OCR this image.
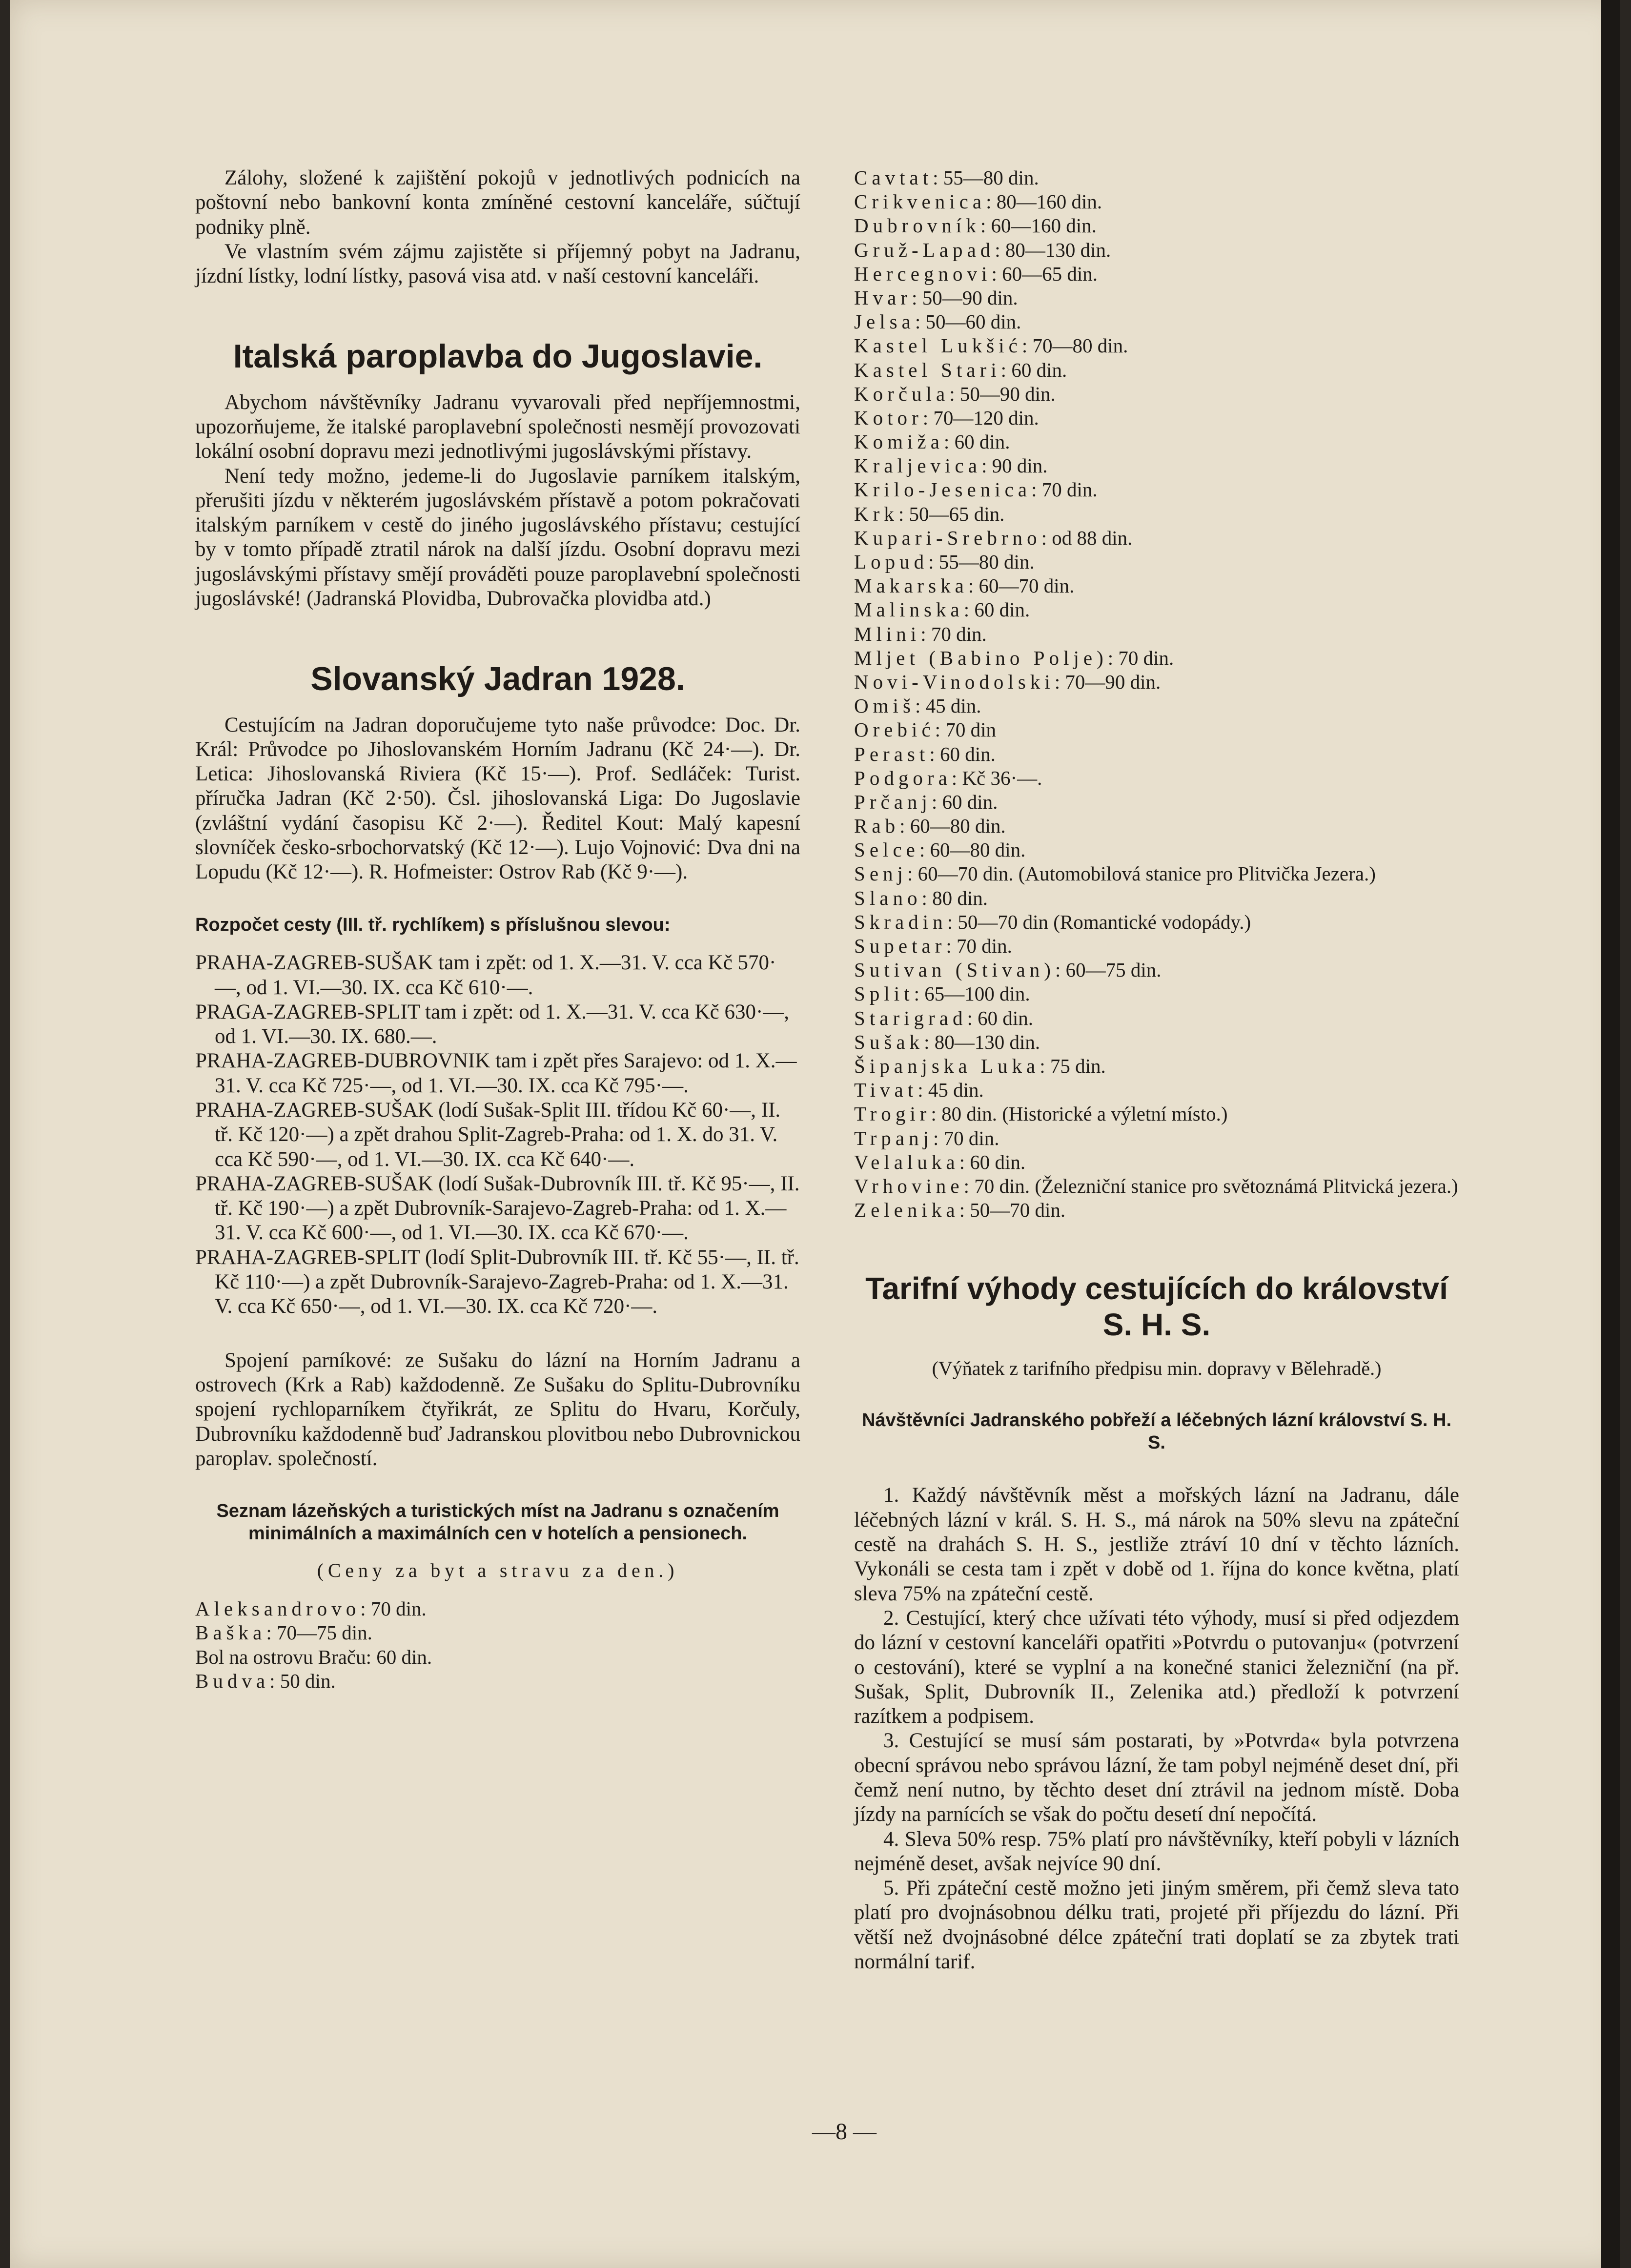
Zálohy, složené k zajištění pokojů v jednotlivých podnicích na poštovní nebo bankovní konta zmíněné cestovní kanceláře, súčtují podniky plně.

Ve vlastním svém zájmu zajistěte si příjemný pobyt na Jadranu, jízdní lístky, lodní lístky, pasová visa atd. v naší cestovní kanceláři.

Italská paroplavba do Jugoslavie.

Abychom návštěvníky Jadranu vyvarovali před nepříjemnostmi, upozorňujeme, že italské paroplavební společnosti nesmějí provozovati lokální osobní dopravu mezi jednotlivými jugoslávskými přístavy.

Není tedy možno, jedeme-li do Jugoslavie parníkem italským, přerušiti jízdu v některém jugoslávském přístavě a potom pokračovati italským parníkem v cestě do jiného jugoslávského přístavu; cestující by v tomto případě ztratil nárok na další jízdu. Osobní dopravu mezi jugoslávskými přístavy smějí prováděti pouze paroplavební společnosti jugoslávské! (Jadranská Plovidba, Dubrovačka plovidba atd.)

Slovanský Jadran 1928.

Cestujícím na Jadran doporučujeme tyto naše průvodce: Doc. Dr. Král: Průvodce po Jihoslovanském Horním Jadranu (Kč 24·—). Dr. Letica: Jihoslovanská Riviera (Kč 15·—). Prof. Sedláček: Turist. příručka Jadran (Kč 2·50). Čsl. jihoslovanská Liga: Do Jugoslavie (zvláštní vydání časopisu Kč 2·—). Ředitel Kout: Malý kapesní slovníček česko-srbochorvatský (Kč 12·—). Lujo Vojnović: Dva dni na Lopudu (Kč 12·—). R. Hofmeister: Ostrov Rab (Kč 9·—).

Rozpočet cesty (III. tř. rychlíkem) s příslušnou slevou:

PRAHA-ZAGREB-SUŠAK tam i zpět: od 1. X.—31. V. cca Kč 570·—, od 1. VI.—30. IX. cca Kč 610·—.

PRAGA-ZAGREB-SPLIT tam i zpět: od 1. X.—31. V. cca Kč 630·—, od 1. VI.—30. IX. 680.—.

PRAHA-ZAGREB-DUBROVNIK tam i zpět přes Sarajevo: od 1. X.—31. V. cca Kč 725·—, od 1. VI.—30. IX. cca Kč 795·—.

PRAHA-ZAGREB-SUŠAK (lodí Sušak-Split III. třídou Kč 60·—, II. tř. Kč 120·—) a zpět drahou Split-Zagreb-Praha: od 1. X. do 31. V. cca Kč 590·—, od 1. VI.—30. IX. cca Kč 640·—.

PRAHA-ZAGREB-SUŠAK (lodí Sušak-Dubrovník III. tř. Kč 95·—, II. tř. Kč 190·—) a zpět Dubrovník-Sarajevo-Zagreb-Praha: od 1. X.—31. V. cca Kč 600·—, od 1. VI.—30. IX. cca Kč 670·—.

PRAHA-ZAGREB-SPLIT (lodí Split-Dubrovník III. tř. Kč 55·—, II. tř. Kč 110·—) a zpět Dubrovník-Sarajevo-Zagreb-Praha: od 1. X.—31. V. cca Kč 650·—, od 1. VI.—30. IX. cca Kč 720·—.

Spojení parníkové: ze Sušaku do lázní na Horním Jadranu a ostrovech (Krk a Rab) každodenně. Ze Sušaku do Splitu-Dubrovníku spojení rychloparníkem čtyřikrát, ze Splitu do Hvaru, Korčuly, Dubrovníku každodenně buď Jadranskou plovitbou nebo Dubrovnickou paroplav. společností.

Seznam lázeňských a turistických míst na Jadranu s označením minimálních a maximálních cen v hotelích a pensionech.

(Ceny za byt a stravu za den.)

Aleksandrovo: 70 din.

Baška: 70—75 din.

Bol na ostrovu Braču: 60 din.

Budva: 50 din.

Cavtat: 55—80 din.

Crikvenica: 80—160 din.

Dubrovník: 60—160 din.

Gruž-Lapad: 80—130 din.

Hercegnovi: 60—65 din.

Hvar: 50—90 din.

Jelsa: 50—60 din.

Kastel Lukšić: 70—80 din.

Kastel Stari: 60 din.

Korčula: 50—90 din.

Kotor: 70—120 din.

Komiža: 60 din.

Kraljevica: 90 din.

Krilo-Jesenica: 70 din.

Krk: 50—65 din.

Kupari-Srebrno: od 88 din.

Lopud: 55—80 din.

Makarska: 60—70 din.

Malinska: 60 din.

Mlini: 70 din.

Mljet (Babino Polje): 70 din.

Novi-Vinodolski: 70—90 din.

Omiš: 45 din.

Orebić: 70 din

Perast: 60 din.

Podgora: Kč 36·—.

Prčanj: 60 din.

Rab: 60—80 din.

Selce: 60—80 din.

Senj: 60—70 din. (Automobilová stanice pro Plitvička Jezera.)

Slano: 80 din.

Skradin: 50—70 din (Romantické vodopády.)

Supetar: 70 din.

Sutivan (Stivan): 60—75 din.

Split: 65—100 din.

Starigrad: 60 din.

Sušak: 80—130 din.

Šipanjska Luka: 75 din.

Tivat: 45 din.

Trogir: 80 din. (Historické a výletní místo.)

Trpanj: 70 din.

Velaluka: 60 din.

Vrhovine: 70 din. (Železniční stanice pro světoznámá Plitvická jezera.)

Zelenika: 50—70 din.

Tarifní výhody cestujících do království S. H. S.

(Výňatek z tarifního předpisu min. dopravy v Bělehradě.)

Návštěvníci Jadranského pobřeží a léčebných lázní království S. H. S.

1. Každý návštěvník měst a mořských lázní na Jadranu, dále léčebných lázní v král. S. H. S., má nárok na 50% slevu na zpáteční cestě na drahách S. H. S., jestliže ztráví 10 dní v těchto lázních. Vykonáli se cesta tam i zpět v době od 1. října do konce května, platí sleva 75% na zpáteční cestě.

2. Cestující, který chce užívati této výhody, musí si před odjezdem do lázní v cestovní kanceláři opatřiti »Potvrdu o putovanju« (potvrzení o cestování), které se vyplní a na konečné stanici železniční (na př. Sušak, Split, Dubrovník II., Zelenika atd.) předloží k potvrzení razítkem a podpisem.

3. Cestující se musí sám postarati, by »Potvrda« byla potvrzena obecní správou nebo správou lázní, že tam pobyl nejméně deset dní, při čemž není nutno, by těchto deset dní ztrávil na jednom místě. Doba jízdy na parnících se však do počtu desetí dní nepočítá.

4. Sleva 50% resp. 75% platí pro návštěvníky, kteří pobyli v lázních nejméně deset, avšak nejvíce 90 dní.

5. Při zpáteční cestě možno jeti jiným směrem, při čemž sleva tato platí pro dvojnásobnou délku trati, projeté při příjezdu do lázní. Při větší než dvojnásobné délce zpáteční trati doplatí se za zbytek trati normální tarif.

—8 —
